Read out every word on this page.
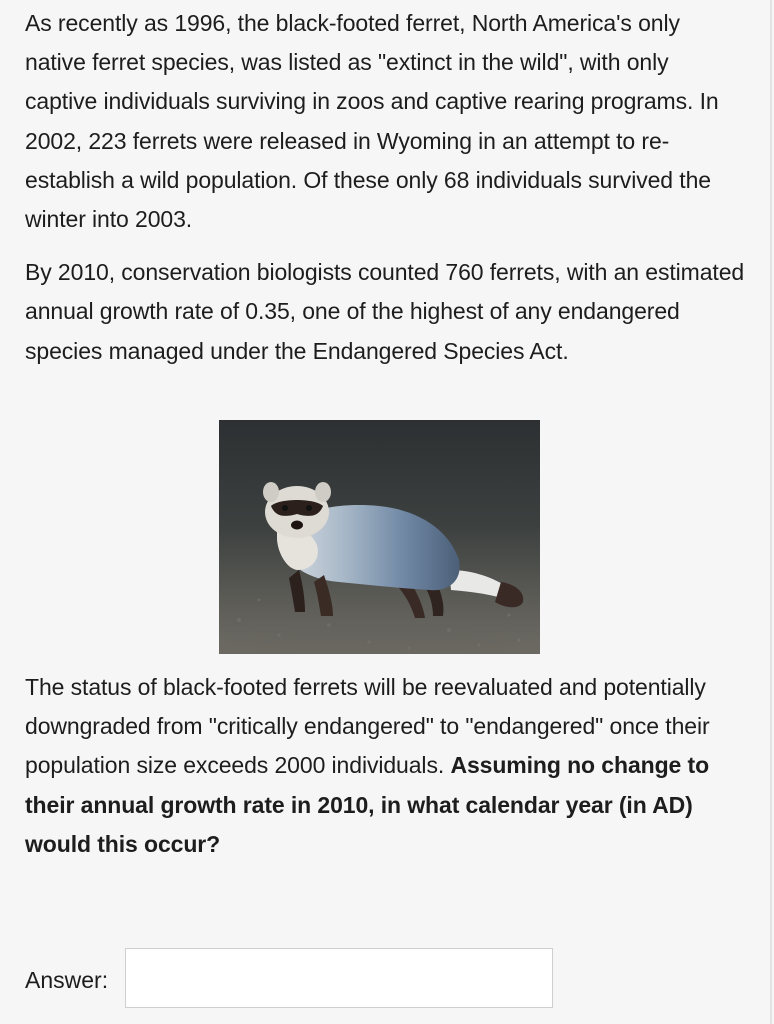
As recently as 1996, the black-footed ferret, North America's only native ferret species, was listed as "extinct in the wild", with only captive individuals surviving in zoos and captive rearing programs. In 2002, 223 ferrets were released in Wyoming in an attempt to re-establish a wild population. Of these only 68 individuals survived the winter into 2003.

By 2010, conservation biologists counted 760 ferrets, with an estimated annual growth rate of 0.35, one of the highest of any endangered species managed under the Endangered Species Act.

The status of black-footed ferrets will be reevaluated and potentially downgraded from "critically endangered" to "endangered" once their population size exceeds 2000 individuals. Assuming no change to their annual growth rate in 2010, in what calendar year (in AD) would this occur?

Answer:
